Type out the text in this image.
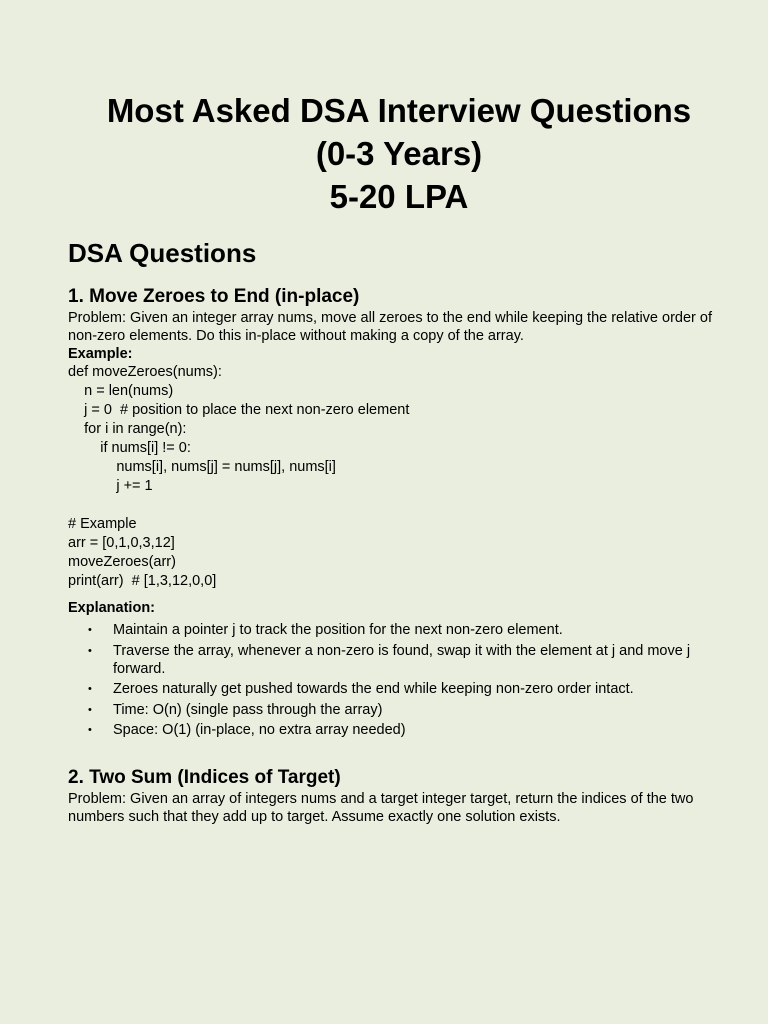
Most Asked DSA Interview Questions
(0-3 Years)
5-20 LPA
DSA Questions
1. Move Zeroes to End (in-place)
Problem: Given an integer array nums, move all zeroes to the end while keeping the relative order of non-zero elements. Do this in-place without making a copy of the array.
Example:
def moveZeroes(nums):
n = len(nums)
j = 0  # position to place the next non-zero element
for i in range(n):
if nums[i] != 0:
nums[i], nums[j] = nums[j], nums[i]
j += 1
# Example
arr = [0,1,0,3,12]
moveZeroes(arr)
print(arr)  # [1,3,12,0,0]
Explanation:
• Maintain a pointer j to track the position for the next non-zero element.
• Traverse the array, whenever a non-zero is found, swap it with the element at j and move j forward.
• Zeroes naturally get pushed towards the end while keeping non-zero order intact.
• Time: O(n) (single pass through the array)
• Space: O(1) (in-place, no extra array needed)
2. Two Sum (Indices of Target)
Problem: Given an array of integers nums and a target integer target, return the indices of the two numbers such that they add up to target. Assume exactly one solution exists.
